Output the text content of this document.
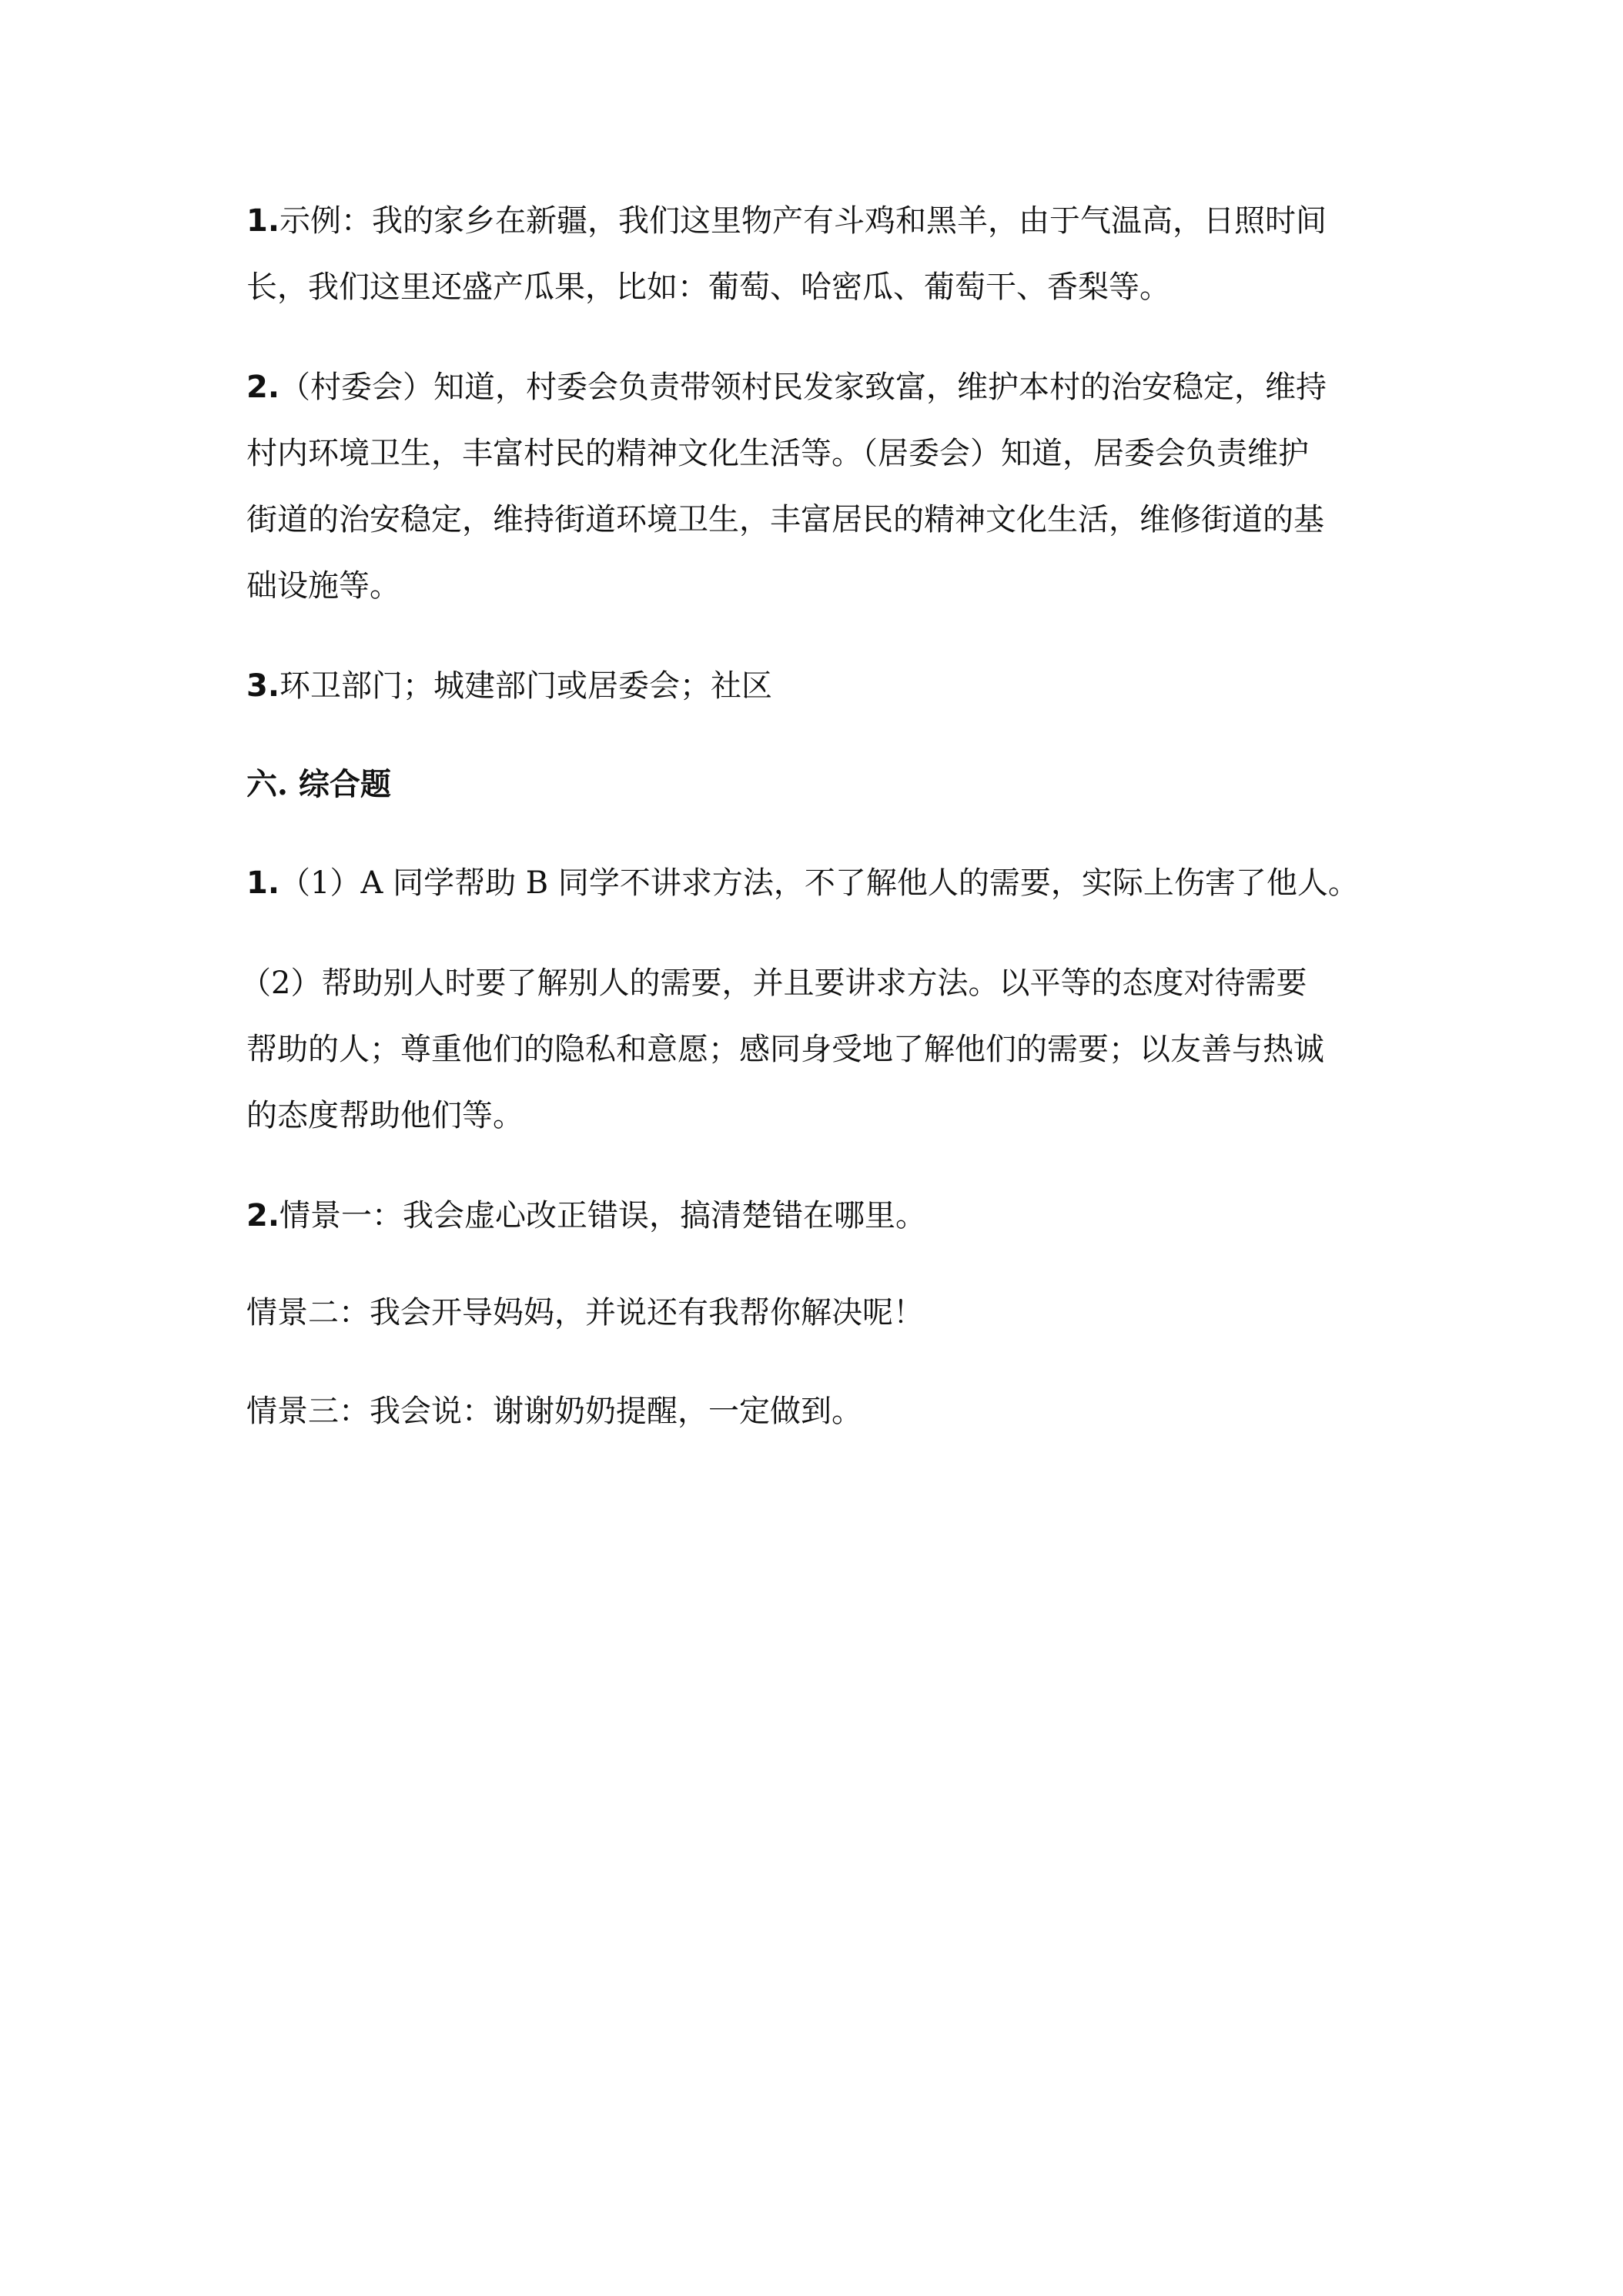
1.示例：我的家乡在新疆，我们这里物产有斗鸡和黑羊，由于气温高，日照时间

长，我们这里还盛产瓜果，比如：葡萄、哈密瓜、葡萄干、香梨等。

2.（村委会）知道，村委会负责带领村民发家致富，维护本村的治安稳定，维持

村内环境卫生，丰富村民的精神文化生活等。（居委会）知道，居委会负责维护

街道的治安稳定，维持街道环境卫生，丰富居民的精神文化生活，维修街道的基

础设施等。

3.环卫部门；城建部门或居委会；社区

六. 综合题

1.（1）A 同学帮助 B 同学不讲求方法，不了解他人的需要，实际上伤害了他人。

（2）帮助别人时要了解别人的需要，并且要讲求方法。以平等的态度对待需要

帮助的人；尊重他们的隐私和意愿；感同身受地了解他们的需要；以友善与热诚

的态度帮助他们等。

2.情景一：我会虚心改正错误，搞清楚错在哪里。

情景二：我会开导妈妈，并说还有我帮你解决呢！

情景三：我会说：谢谢奶奶提醒，一定做到。
